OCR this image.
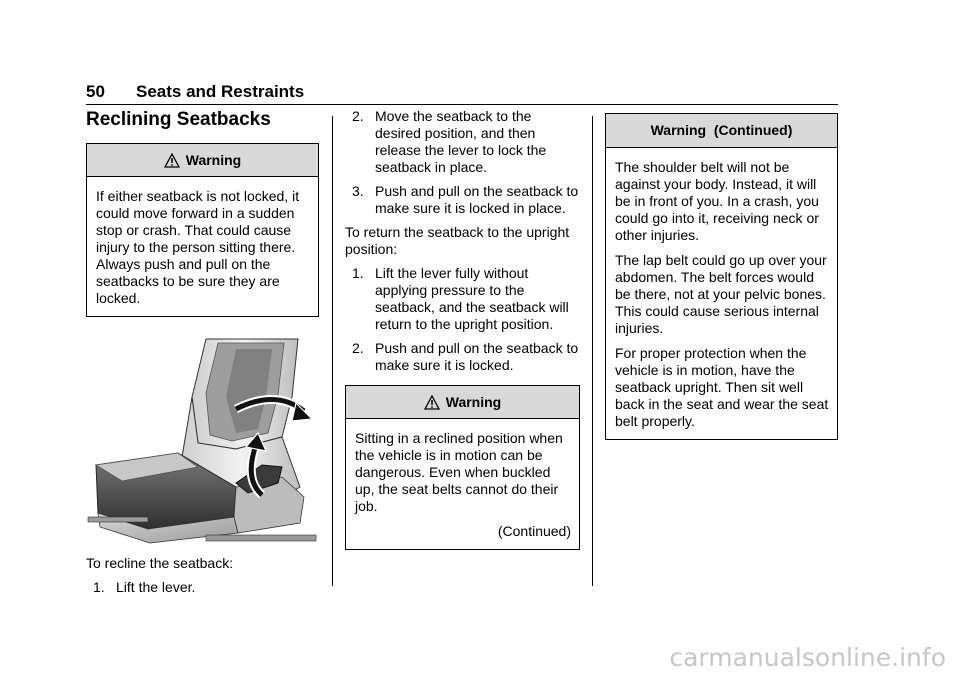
50 Seats and Restraints
Reclining Seatbacks
Warning

If either seatback is not locked, it could move forward in a sudden stop or crash. That could cause injury to the person sitting there. Always push and pull on the seatbacks to be sure they are locked.

To recline the seatback:

1. Lift the lever.
2. Move the seatback to the desired position, and then release the lever to lock the seatback in place.
3. Push and pull on the seatback to make sure it is locked in place.

To return the seatback to the upright position:

1. Lift the lever fully without applying pressure to the seatback, and the seatback will return to the upright position.
2. Push and pull on the seatback to make sure it is locked.
Warning

Sitting in a reclined position when the vehicle is in motion can be dangerous. Even when buckled up, the seat belts cannot do their job.

(Continued)
Warning  (Continued)

The shoulder belt will not be against your body. Instead, it will be in front of you. In a crash, you could go into it, receiving neck or other injuries.

The lap belt could go up over your abdomen. The belt forces would be there, not at your pelvic bones. This could cause serious internal injuries.

For proper protection when the vehicle is in motion, have the seatback upright. Then sit well back in the seat and wear the seat belt properly.

carmanualsonline.info
